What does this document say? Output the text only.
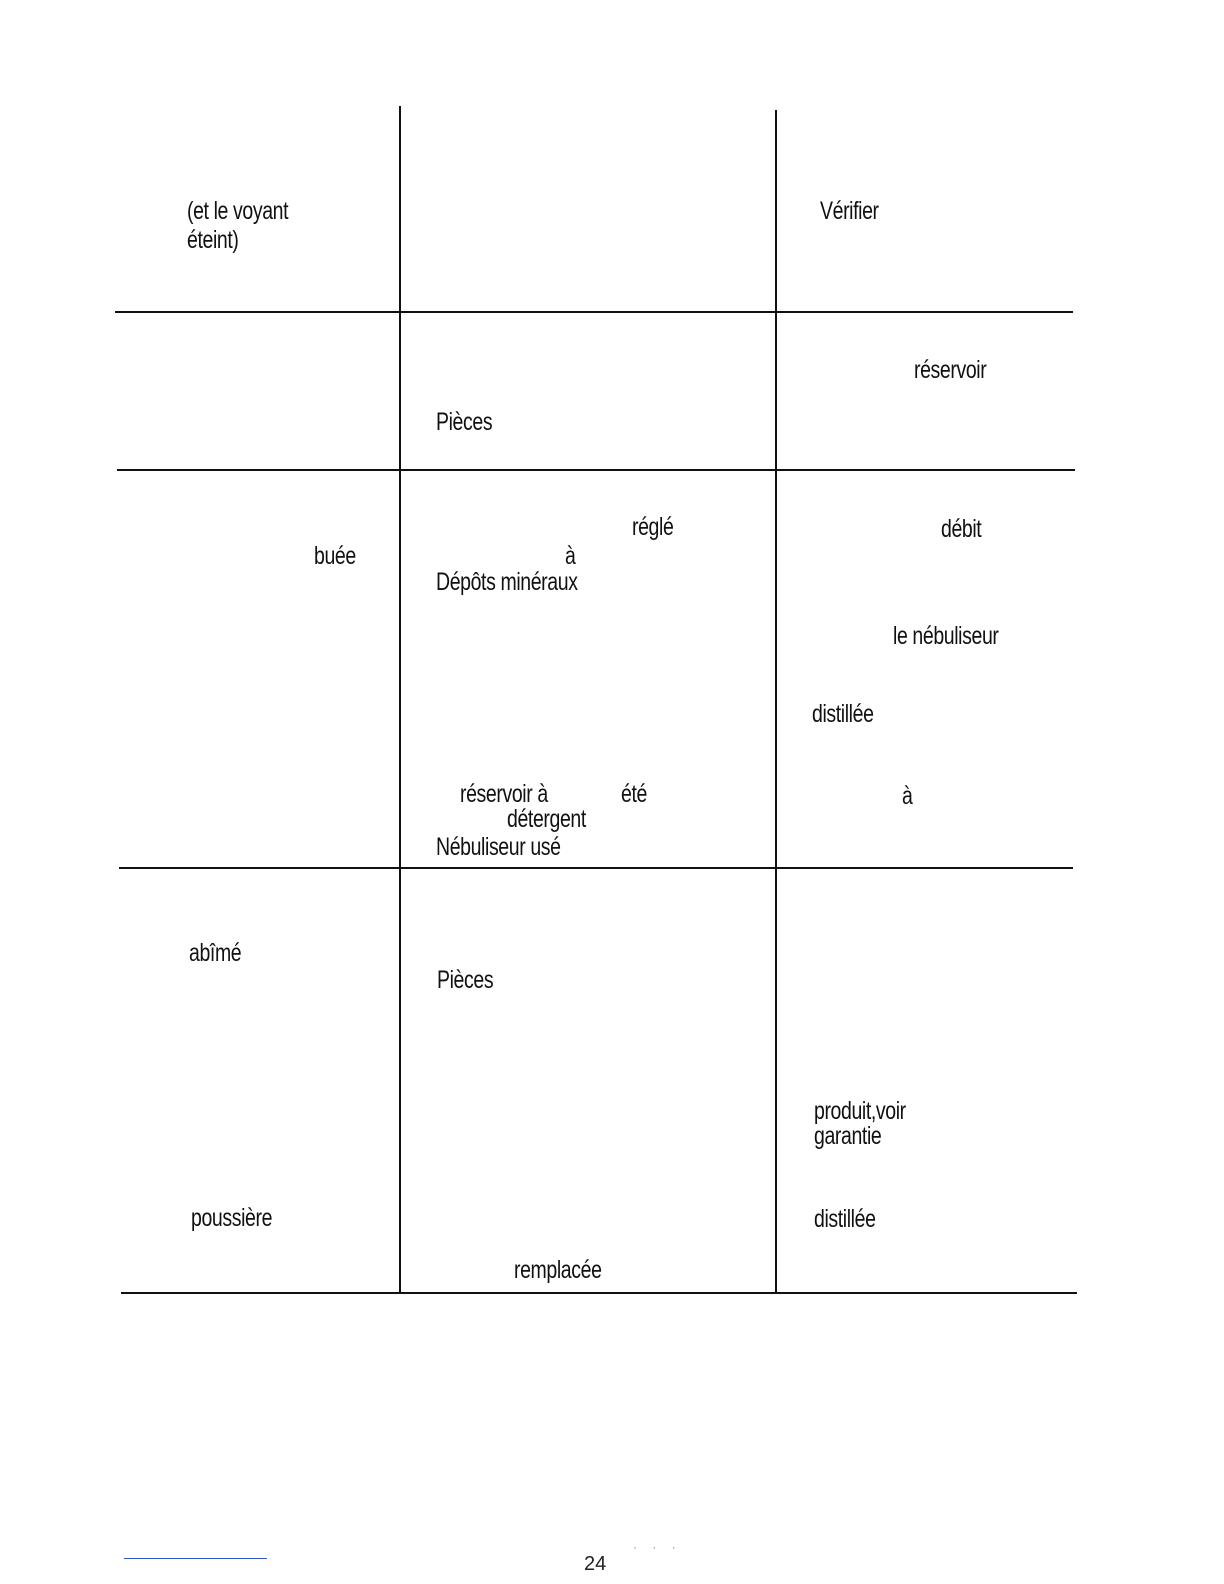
(et le voyant
éteint)
Vérifier
Pièces
réservoir
buée
réglé
à
Dépôts minéraux
réservoir à	été
détergent
Nébuliseur usé
débit
le nébuliseur
distillée
à
abîmé
poussière
Pièces
remplacée
produit,voir
garantie
distillée
· · ·
24
